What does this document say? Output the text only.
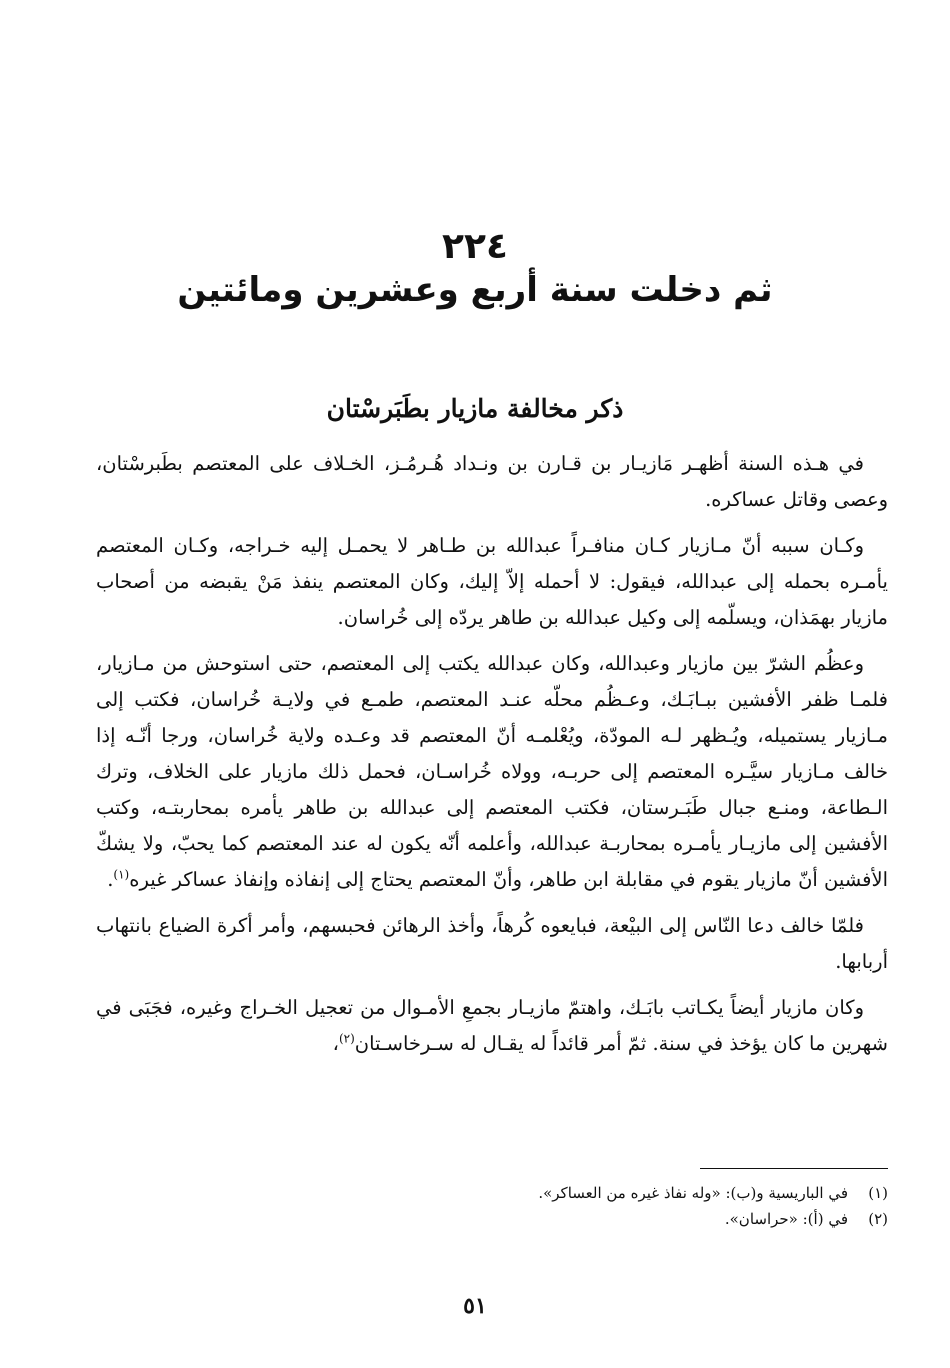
٢٢٤
ثم دخلت سنة أربع وعشرين ومائتين
ذكر مخالفة مازيار بطَبَرسْتان

في هـذه السنة أظهـر مَازيـار بن قـارن بن ونـداد هُـرمُـز، الخـلاف على المعتصم بطَبرسْتان، وعصى وقاتل عساكره.

وكـان سببه أنّ مـازيار كـان منافـراً عبدالله بن طـاهر لا يحمـل إليه خـراجه، وكـان المعتصم يأمـره بحمله إلى عبدالله، فيقول: لا أحمله إلاّ إليك، وكان المعتصم ينفذ مَنْ يقبضه من أصحاب مازيار بهمَذان، ويسلّمه إلى وكيل عبدالله بن طاهر يردّه إلى خُراسان.

وعظُم الشرّ بين مازيار وعبدالله، وكان عبدالله يكتب إلى المعتصم، حتى استوحش من مـازيار، فلمـا ظفر الأفشين ببـابَـك، وعـظُم محلّه عنـد المعتصم، طمـع في ولايـة خُراسان، فكتب إلى مـازيار يستميله، ويُـظهر لـه المودّة، ويُعْلمـه أنّ المعتصم قد وعـده ولاية خُراسان، ورجا أنّـه إذا خالف مـازيار سيَّـره المعتصم إلى حربـه، وولاه خُراسـان، فحمل ذلك مازيار على الخلاف، وترك الـطاعة، ومنـع جبال طَبَـرستان، فكتب المعتصم إلى عبدالله بن طاهر يأمره بمحاربتـه، وكتب الأفشين إلى مازيـار يأمـره بمحاربـة عبدالله، وأعلمه أنّه يكون له عند المعتصم كما يحبّ، ولا يشكّ الأفشين أنّ مازيار يقوم في مقابلة ابن طاهر، وأنّ المعتصم يحتاج إلى إنفاذه وإنفاذ عساكر غيره$^{(١)}$.

فلمّا خالف دعا النّاس إلى البيْعة، فبايعوه كُرهاً، وأخذ الرهائن فحبسهم، وأمر أكرة الضياع بانتهاب أربابها.

وكان مازيار أيضاً يكـاتب بابَـك، واهتمّ مازيـار بجمعِ الأمـوال من تعجيل الخـراج وغيره، فجَبَى في شهرين ما كان يؤخذ في سنة. ثمّ أمر قائداً له يقـال له سـرخاسـتان$^{(٢)}$،

(١)في الباريسية و(ب): «وله نفاذ غيره من العساكر».
(٢)في (أ): «حراسان».
٥١
